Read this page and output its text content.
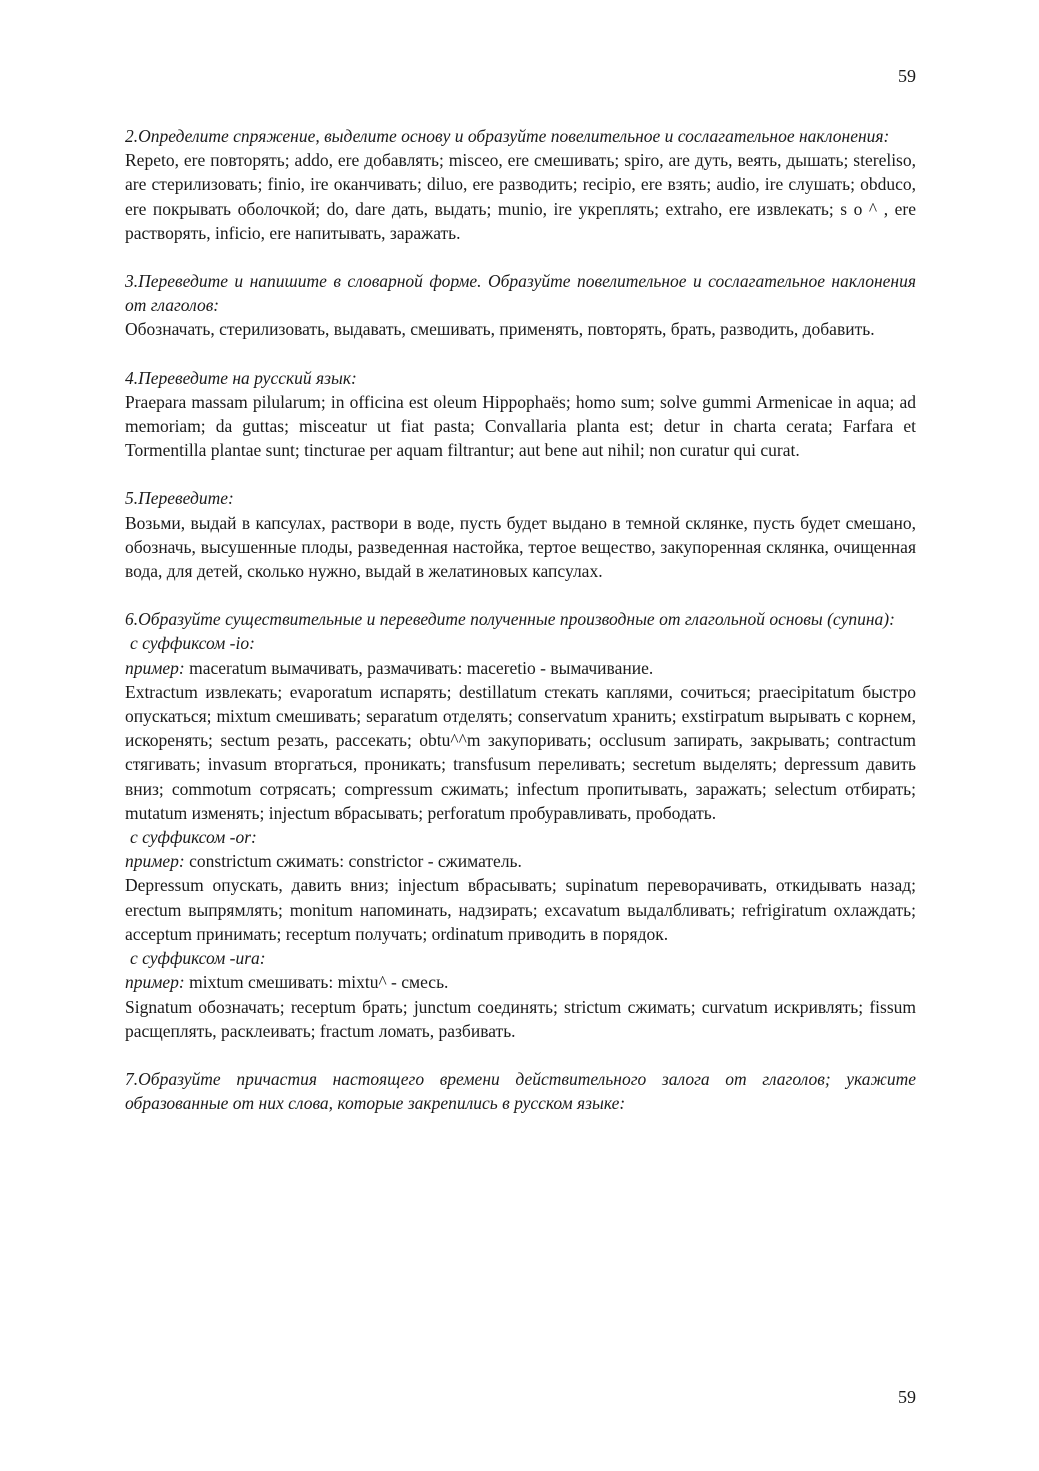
59

2.Определите спряжение, выделите основу и образуйте повелительное и сослагательное наклонения:

Repeto, ere повторять; addo, ere добавлять; misceo, ere смешивать; spiro, are дуть, веять, дышать; stereliso, are стерилизовать; finio, ire оканчивать; diluo, ere разводить; recipio, ere взять; audio, ire слушать; obduco, ere покрывать оболочкой; do, dare дать, выдать; munio, ire укреплять; extraho, ere извлекать; s o ^ , ere растворять, inficio, ere напитывать, заражать.

3.Переведите и напишите в словарной форме. Образуйте повелительное и сослагательное наклонения от глаголов:

Обозначать, стерилизовать, выдавать, смешивать, применять, повторять, брать, разводить, добавить.

4.Переведите на русский язык:

Praepara massam pilularum; in officina est oleum Hippophaës; homo sum; solve gummi Armenicae in aqua; ad memoriam; da guttas; misceatur ut fiat pasta; Convallaria planta est; detur in charta cerata; Farfara et Tormentilla plantae sunt; tincturae per aquam filtrantur; aut bene aut nihil; non curatur qui curat.

5.Переведите:

Возьми, выдай в капсулах, раствори в воде, пусть будет выдано в темной склянке, пусть будет смешано, обозначь, высушенные плоды, разведенная настойка, тертое вещество, закупоренная склянка, очищенная вода, для детей, сколько нужно, выдай в желатиновых капсулах.

6.Образуйте существительные и переведите полученные производные от глагольной основы (супина):

с суффиксом -io:

пример: maceratum вымачивать, размачивать: maceretio - вымачивание.

Extractum извлекать; evaporatum испарять; destillatum стекать каплями, сочиться; praecipitatum быстро опускаться; mixtum смешивать; separatum отделять; conservatum хранить; exstirpatum вырывать с корнем, искоренять; sectum резать, рассекать; obtu^^m закупоривать; occlusum запирать, закрывать; contractum стягивать; invasum вторгаться, проникать; transfusum переливать; secretum выделять; depressum давить вниз; commotum сотрясать; compressum сжимать; infectum пропитывать, заражать; selectum отбирать; mutatum изменять; injectum вбрасывать; perforatum пробуравливать, прободать.

с суффиксом -or:

пример: constrictum сжимать: constrictor - сжиматель.

Depressum опускать, давить вниз; injectum вбрасывать; supinatum переворачивать, откидывать назад; erectum выпрямлять; monitum напоминать, надзирать; excavatum выдалбливать; refrigiratum охлаждать; acceptum принимать; receptum получать; ordinatum приводить в порядок.

с суффиксом -ura:

пример: mixtum смешивать: mixtu^ - смесь.

Signatum обозначать; receptum брать; junctum соединять; strictum сжимать; curvatum искривлять; fissum расщеплять, расклеивать; fractum ломать, разбивать.

7.Образуйте причастия настоящего времени действительного залога от глаголов; укажите образованные от них слова, которые закрепились в русском языке:

59
